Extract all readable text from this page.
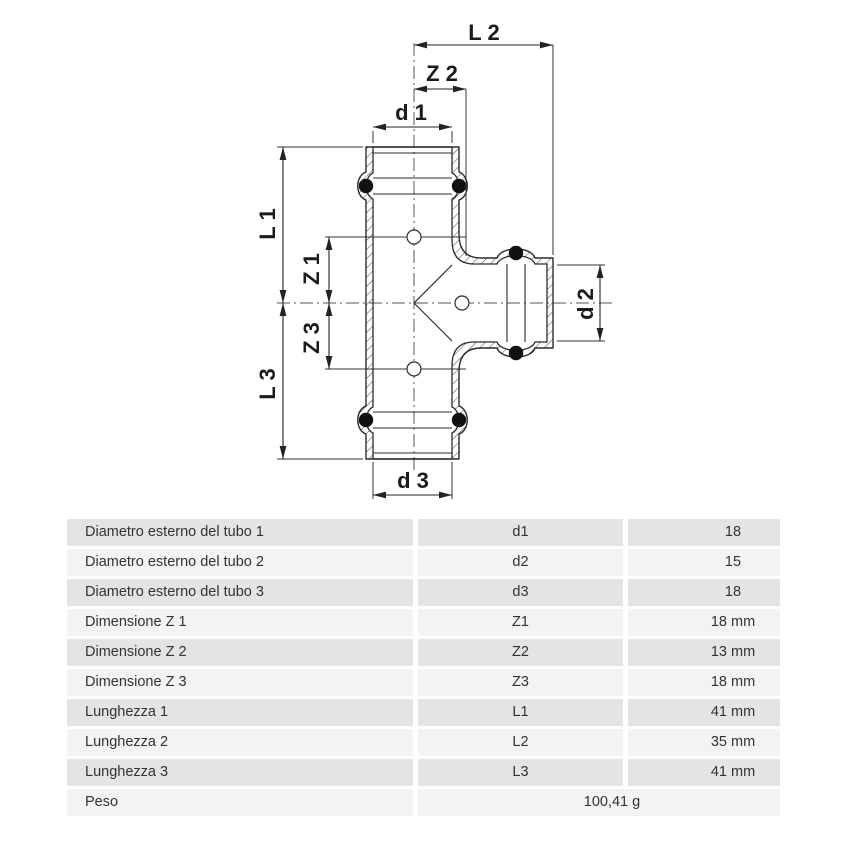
L 2
Z 2
d 1
d 3
L 1
Z 1
Z 3
L 3
d 2
Diametro esterno del tubo 1	d1	18
Diametro esterno del tubo 2	d2	15
Diametro esterno del tubo 3	d3	18
Dimensione Z 1	Z1	18 mm
Dimensione Z 2	Z2	13 mm
Dimensione Z 3	Z3	18 mm
Lunghezza 1	L1	41 mm
Lunghezza 2	L2	35 mm
Lunghezza 3	L3	41 mm
Peso	100,41 g
